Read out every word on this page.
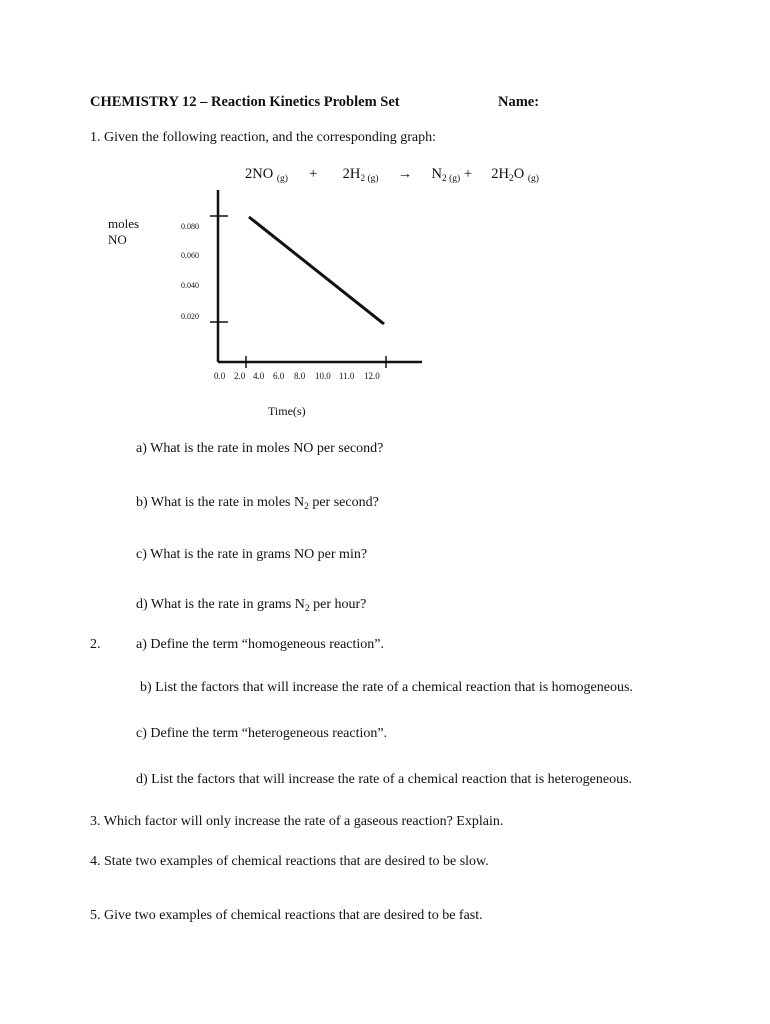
CHEMISTRY 12 – Reaction Kinetics Problem Set	Name:
1. Given the following reaction, and the corresponding graph:
2NO $_{(g)} + 2H_{2 (g)} \to N_{2 (g)} + 2H_2O$ $_{(g)}$
moles
NO
0.080
0.060
0.040
0.020
0.0 2.0 4.0 6.0 8.0 10.0 11.0 12.0
Time(s)
a) What is the rate in moles NO per second?
b) What is the rate in moles $N_2$ per second?
c) What is the rate in grams NO per min?
d) What is the rate in grams $N_2$ per hour?
2.	a) Define the term “homogeneous reaction”.
b) List the factors that will increase the rate of a chemical reaction that is homogeneous.
c) Define the term “heterogeneous reaction”.
d) List the factors that will increase the rate of a chemical reaction that is heterogeneous.
3. Which factor will only increase the rate of a gaseous reaction? Explain.
4. State two examples of chemical reactions that are desired to be slow.
5. Give two examples of chemical reactions that are desired to be fast.
